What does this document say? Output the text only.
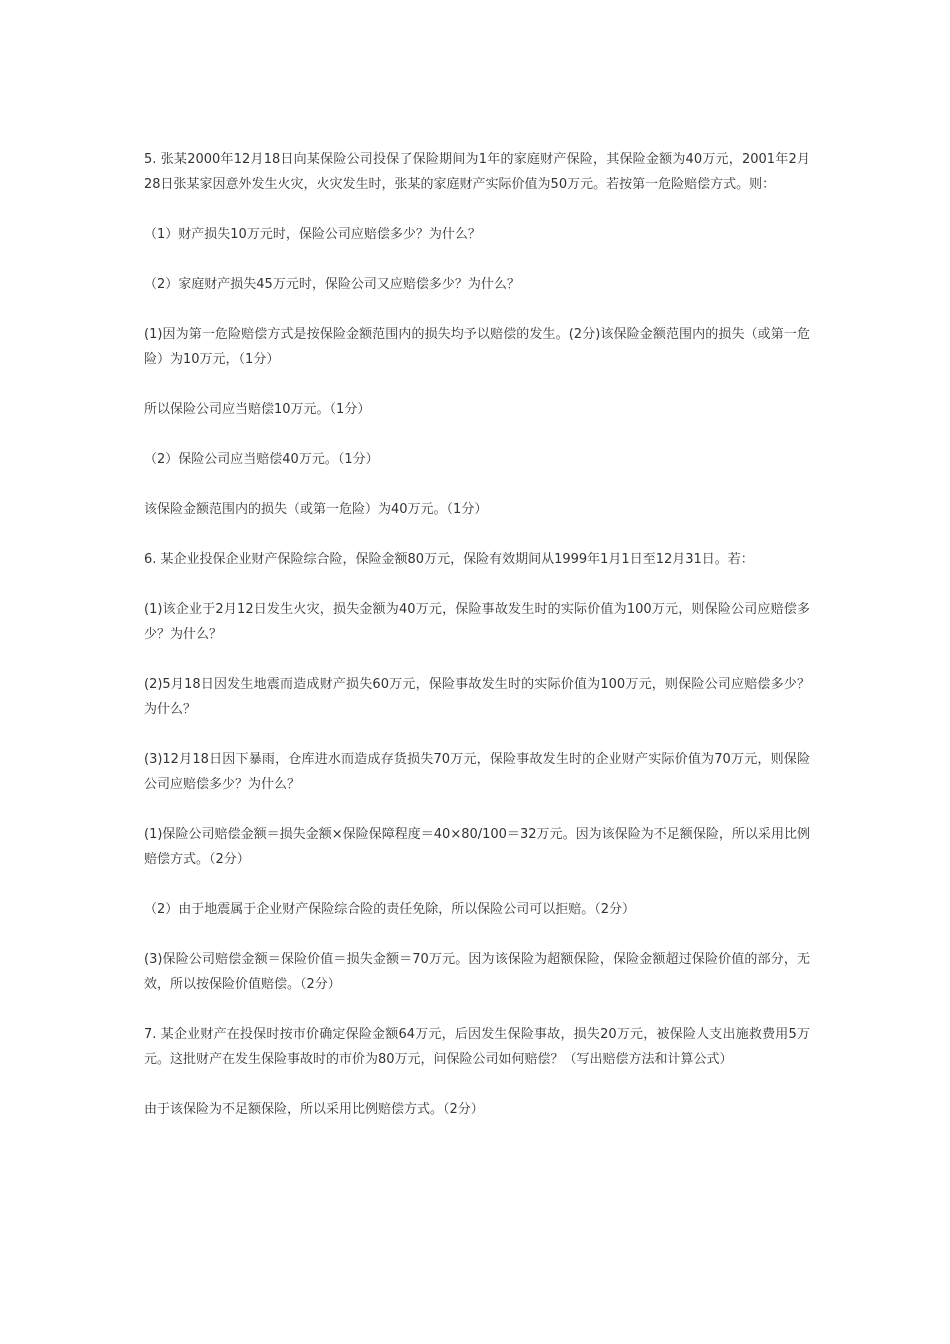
5. 张某2000年12月18日向某保险公司投保了保险期间为1年的家庭财产保险，其保险金额为40万元，2001年2月28日张某家因意外发生火灾，火灾发生时，张某的家庭财产实际价值为50万元。若按第一危险赔偿方式。则：

（1）财产损失10万元时，保险公司应赔偿多少？为什么？

（2）家庭财产损失45万元时，保险公司又应赔偿多少？为什么？

(1)因为第一危险赔偿方式是按保险金额范围内的损失均予以赔偿的发生。(2分)该保险金额范围内的损失（或第一危险）为10万元，（1分）

所以保险公司应当赔偿10万元。（1分）

（2）保险公司应当赔偿40万元。（1分）

该保险金额范围内的损失（或第一危险）为40万元。（1分）

6. 某企业投保企业财产保险综合险，保险金额80万元，保险有效期间从1999年1月1日至12月31日。若：

(1)该企业于2月12日发生火灾，损失金额为40万元，保险事故发生时的实际价值为100万元，则保险公司应赔偿多少？为什么？

(2)5月18日因发生地震而造成财产损失60万元，保险事故发生时的实际价值为100万元，则保险公司应赔偿多少？为什么？

(3)12月18日因下暴雨，仓库进水而造成存货损失70万元，保险事故发生时的企业财产实际价值为70万元，则保险公司应赔偿多少？为什么？

(1)保险公司赔偿金额＝损失金额×保险保障程度＝40×80/100＝32万元。因为该保险为不足额保险，所以采用比例赔偿方式。（2分）

（2）由于地震属于企业财产保险综合险的责任免除，所以保险公司可以拒赔。（2分）

(3)保险公司赔偿金额＝保险价值＝损失金额＝70万元。因为该保险为超额保险，保险金额超过保险价值的部分，无效，所以按保险价值赔偿。（2分）

7. 某企业财产在投保时按市价确定保险金额64万元，后因发生保险事故，损失20万元，被保险人支出施救费用5万元。这批财产在发生保险事故时的市价为80万元，问保险公司如何赔偿？（写出赔偿方法和计算公式）

由于该保险为不足额保险，所以采用比例赔偿方式。（2分）
